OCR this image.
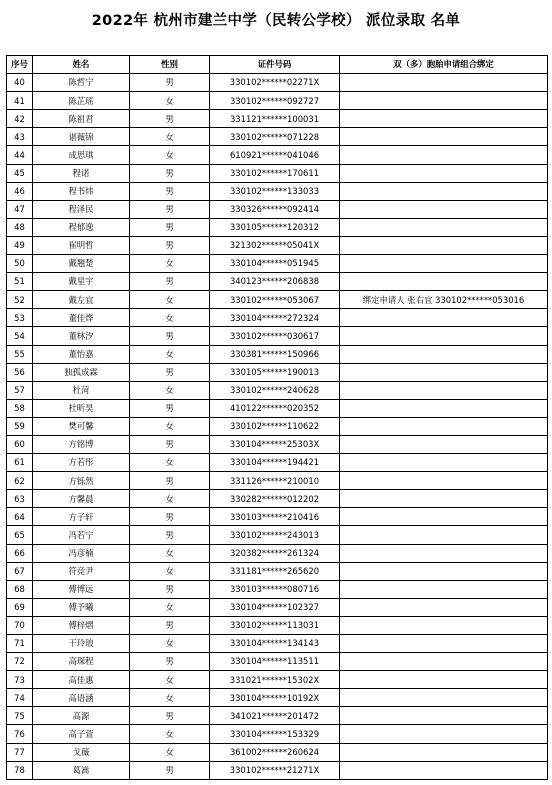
2022年 杭州市建兰中学（民转公学校） 派位录取 名单
序号	姓名	性别	证件号码	双（多）胞胎申请组合绑定
40	陈哲宁	男	330102******02271X	
41	陈芷瑶	女	330102******092727	
42	陈祖君	男	331121******100031	
43	谌薇锦	女	330102******071228	
44	成思琪	女	610921******041046	
45	程诺	男	330102******170611	
46	程书炜	男	330102******133033	
47	程泽民	男	330326******092414	
48	程郁逸	男	330105******120312	
49	崔明哲	男	321302******05041X	
50	戴翘楚	女	330104******051945	
51	戴星宇	男	340123******206838	
52	戴左宜	女	330102******053067	绑定申请人 张右宜 330102******053016
53	董佳烨	女	330104******272324	
54	董林汐	男	330102******030617	
55	董怡嘉	女	330381******150966	
56	独孤成霖	男	330105******190013	
57	杜菏	女	330102******240628	
58	杜昕昊	男	410122******020352	
59	樊可馨	女	330102******110622	
60	方铭博	男	330104******25303X	
61	方若彤	女	330104******194421	
62	方铄然	男	331126******210010	
63	方馨晨	女	330282******012202	
64	方子轩	男	330103******210416	
65	冯若宁	男	330102******243013	
66	冯彦楠	女	320382******261324	
67	符竞尹	女	331181******265620	
68	傅博远	男	330103******080716	
69	傅予曦	女	330104******102327	
70	傅梓熠	男	330102******113031	
71	干玲琅	女	330104******134143	
72	高琛程	男	330104******113511	
73	高佳惠	女	331021******15302X	
74	高语涵	女	330104******10192X	
75	高源	男	341021******201472	
76	高子萱	女	330104******153329	
77	戈薇	女	361002******260624	
78	葛嵩	男	330102******21271X	
